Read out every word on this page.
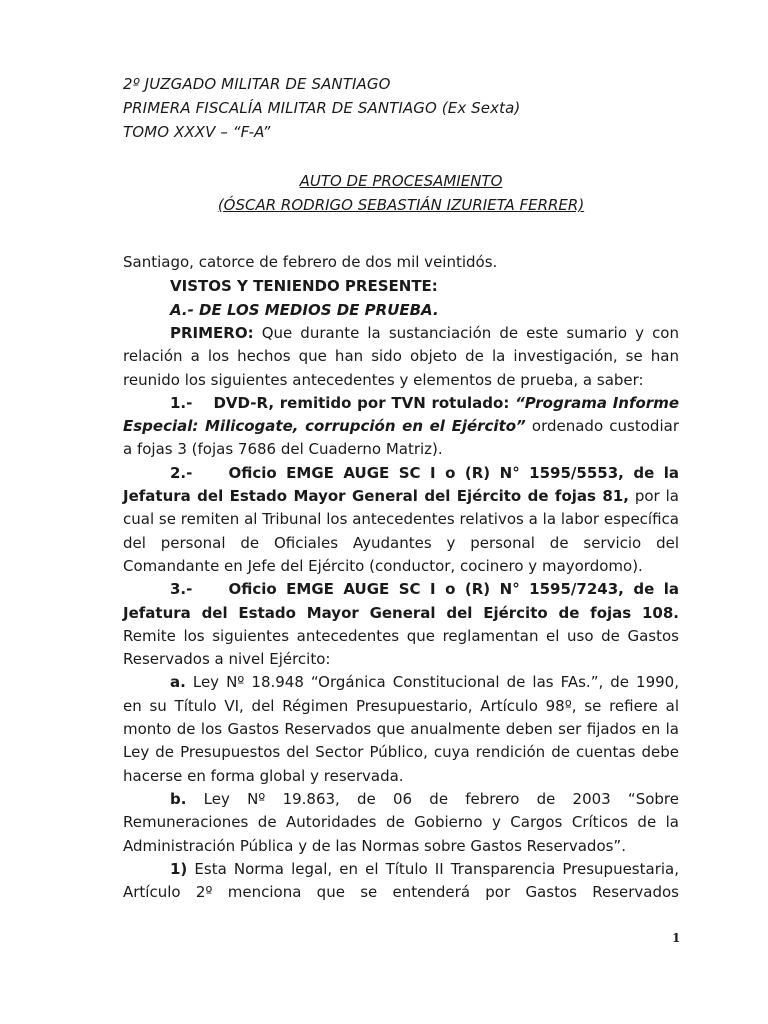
2º JUZGADO MILITAR DE SANTIAGO
PRIMERA FISCALÍA MILITAR DE SANTIAGO (Ex Sexta)
TOMO XXXV – “F-A”
AUTO DE PROCESAMIENTO
(ÓSCAR RODRIGO SEBASTIÁN IZURIETA FERRER)
Santiago, catorce de febrero de dos mil veintidós.
VISTOS Y TENIENDO PRESENTE:
A.- DE LOS MEDIOS DE PRUEBA.

PRIMERO: Que durante la sustanciación de este sumario y con relación a los hechos que han sido objeto de la investigación, se han reunido los siguientes antecedentes y elementos de prueba, a saber:

1.- DVD-R, remitido por TVN rotulado: “Programa Informe Especial: Milicogate, corrupción en el Ejército” ordenado custodiar a fojas 3 (fojas 7686 del Cuaderno Matriz).

2.- Oficio EMGE AUGE SC I o (R) N° 1595/5553, de la Jefatura del Estado Mayor General del Ejército de fojas 81, por la cual se remiten al Tribunal los antecedentes relativos a la labor específica del personal de Oficiales Ayudantes y personal de servicio del Comandante en Jefe del Ejército (conductor, cocinero y mayordomo).

3.- Oficio EMGE AUGE SC I o (R) N° 1595/7243, de la Jefatura del Estado Mayor General del Ejército de fojas 108. Remite los siguientes antecedentes que reglamentan el uso de Gastos Reservados a nivel Ejército:

a. Ley Nº 18.948 “Orgánica Constitucional de las FAs.”, de 1990, en su Título VI, del Régimen Presupuestario, Artículo 98º, se refiere al monto de los Gastos Reservados que anualmente deben ser fijados en la Ley de Presupuestos del Sector Público, cuya rendición de cuentas debe hacerse en forma global y reservada.

b. Ley Nº 19.863, de 06 de febrero de 2003 “Sobre Remuneraciones de Autoridades de Gobierno y Cargos Críticos de la Administración Pública y de las Normas sobre Gastos Reservados”.

1) Esta Norma legal, en el Título II Transparencia Presupuestaria, Artículo 2º menciona que se entenderá por Gastos Reservados

1
